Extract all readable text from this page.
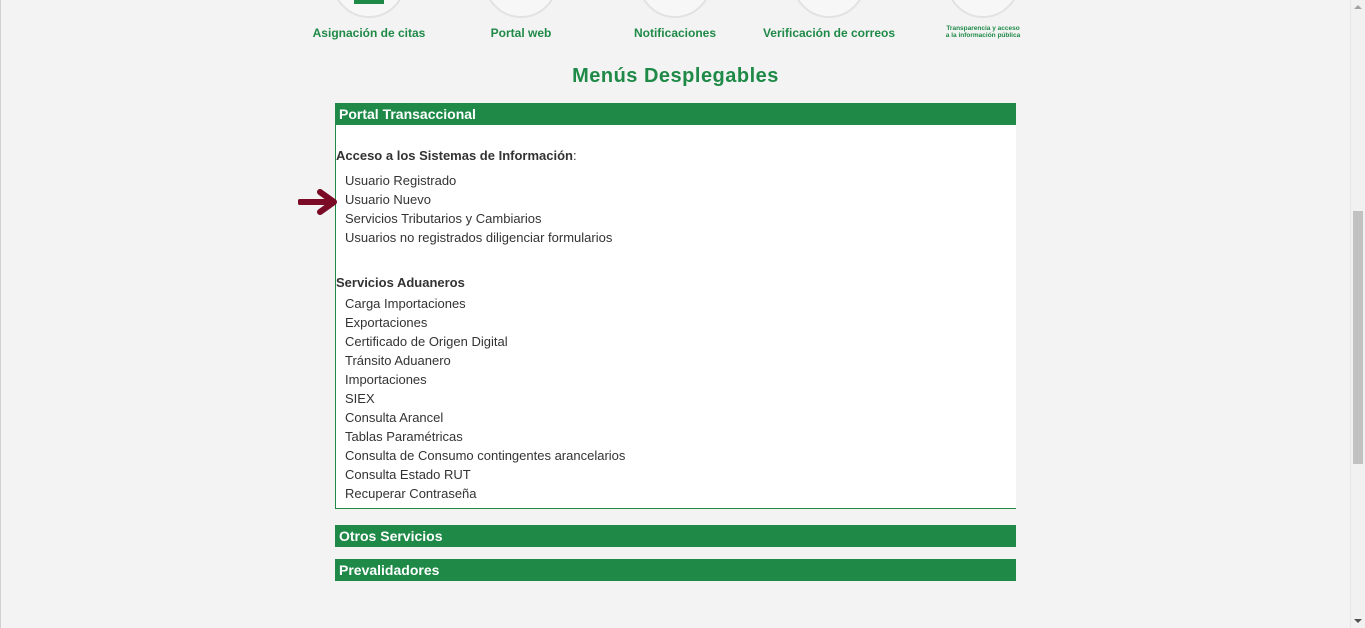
Asignación de citas	Portal web	Notificaciones	Verificación de correos	Transparencia y acceso
a la información pública
Menús Desplegables
Portal Transaccional

Acceso a los Sistemas de Información:

Usuario Registrado
Usuario Nuevo
Servicios Tributarios y Cambiarios
Usuarios no registrados diligenciar formularios

Servicios Aduaneros

Carga Importaciones
Exportaciones
Certificado de Origen Digital
Tránsito Aduanero
Importaciones
SIEX
Consulta Arancel
Tablas Paramétricas
Consulta de Consumo contingentes arancelarios
Consulta Estado RUT
Recuperar Contraseña
Otros Servicios
Prevalidadores
